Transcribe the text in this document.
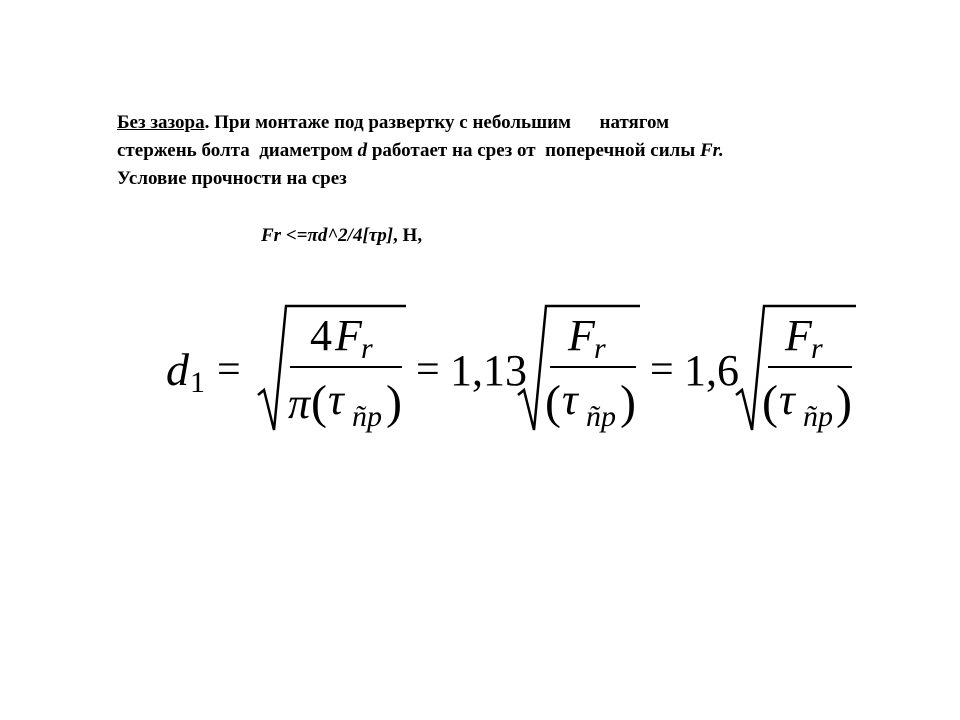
Без зазора. При монтаже под развертку с небольшим      натягом
стержень болта  диаметром d работает на срез от  поперечной силы Fr.
Условие прочности на срез
Fr <=πd^2/4[τp], Н,
d 1 =
4 F r
π ( τ ñp )
= 1,13
F r
( τ ñp )
= 1,6
F r
( τ ñp )
